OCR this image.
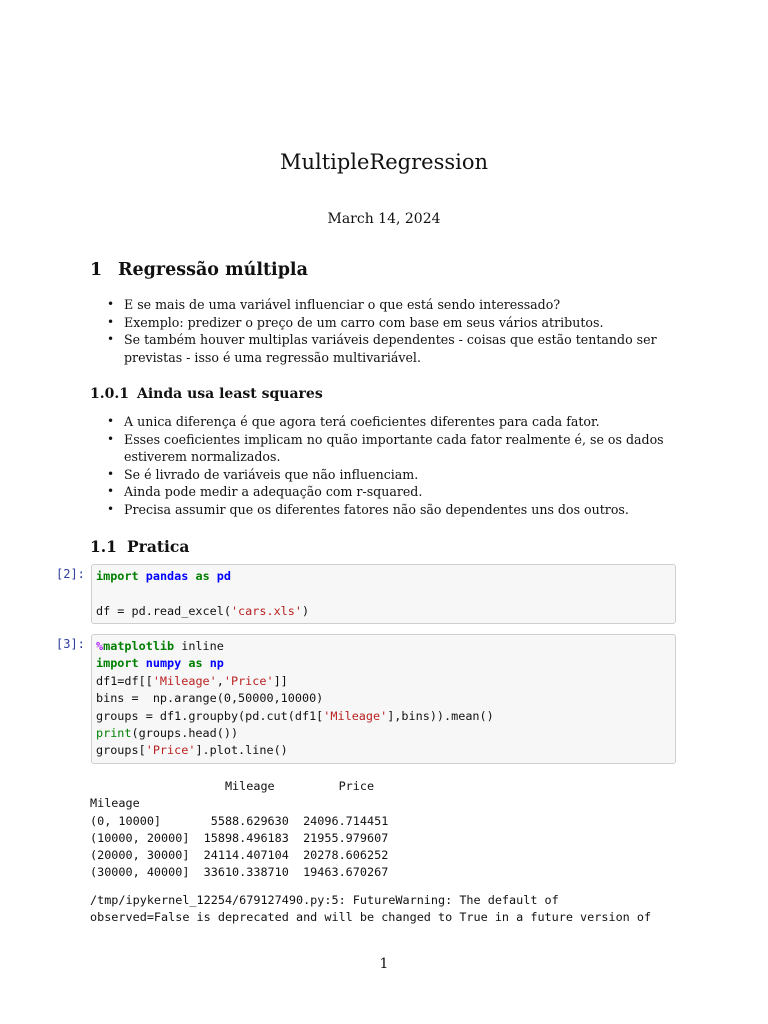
MultipleRegression

March 14, 2024

1 Regressão múltipla
• E se mais de uma variável influenciar o que está sendo interessado?
• Exemplo: predizer o preço de um carro com base em seus vários atributos.
• Se também houver multiplas variáveis dependentes - coisas que estão tentando ser previstas - isso é uma regressão multivariável.
1.0.1 Ainda usa least squares
• A unica diferença é que agora terá coeficientes diferentes para cada fator.
• Esses coeficientes implicam no quão importante cada fator realmente é, se os dados estiverem normalizados.
• Se é livrado de variáveis que não influenciam.
• Ainda pode medir a adequação com r-squared.
• Precisa assumir que os diferentes fatores não são dependentes uns dos outros.
1.1 Pratica
[2]: import pandas as pd

df = pd.read_excel('cars.xls')
[3]: %matplotlib inline
import numpy as np
df1=df[['Mileage','Price']]
bins =  np.arange(0,50000,10000)
groups = df1.groupby(pd.cut(df1['Mileage'],bins)).mean()
print(groups.head())
groups['Price'].plot.line()
Mileage         Price
Mileage
(0, 10000]       5588.629630  24096.714451
(10000, 20000]  15898.496183  21955.979607
(20000, 30000]  24114.407104  20278.606252
(30000, 40000]  33610.338710  19463.670267
/tmp/ipykernel_12254/679127490.py:5: FutureWarning: The default of
observed=False is deprecated and will be changed to True in a future version of
1
